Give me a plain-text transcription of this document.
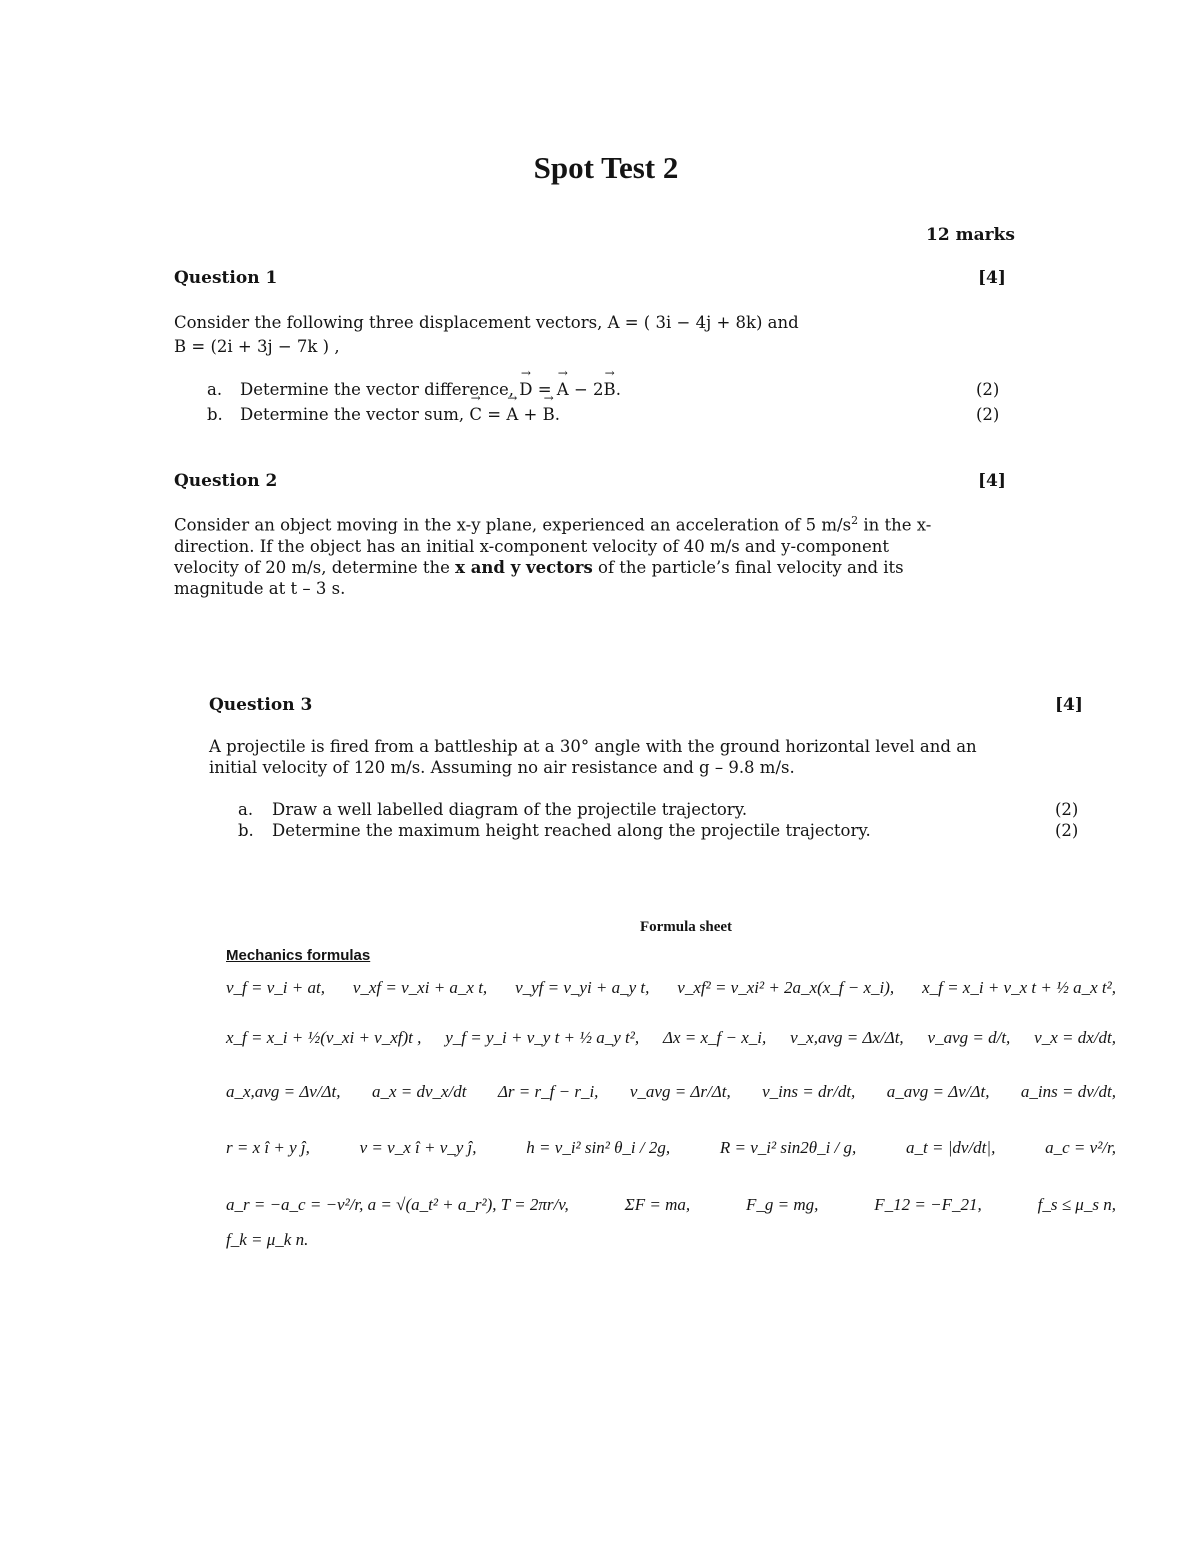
Spot Test 2
12 marks
Question 1	[4]
Consider the following three displacement vectors, A = ( 3i − 4j + 8k) and
B = (2i + 3j − 7k ) ,
a. Determine the vector difference, → D = → A − 2→ B.	(2)
b. Determine the vector sum, → C = → A + → B.	(2)
Question 2	[4]
Consider an object moving in the x-y plane, experienced an acceleration of 5 $m/s^2$ in the x-
direction. If the object has an initial x-component velocity of 40 m/s and y-component
velocity of 20 m/s, determine the x and y vectors of the particle’s final velocity and its
magnitude at t – 3 s.
Question 3	[4]
A projectile is fired from a battleship at a 30° angle with the ground horizontal level and an
initial velocity of 120 m/s. Assuming no air resistance and g – 9.8 m/s.
a. Draw a well labelled diagram of the projectile trajectory.	(2)
b. Determine the maximum height reached along the projectile trajectory.	(2)
Formula sheet
Mechanics formulas
v_f = v_i + at, v_xf = v_xi + a_x t, v_yf = v_yi + a_y t, v_xf² = v_xi² + 2a_x(x_f − x_i), x_f = x_i + v_x t + ½ a_x t²,
x_f = x_i + ½(v_xi + v_xf)t , y_f = y_i + v_y t + ½ a_y t², Δx = x_f − x_i, v_x,avg = Δx/Δt, v_avg = d/t, v_x = dx/dt,
a_x,avg = Δv/Δt, a_x = dv_x/dt Δr = r_f − r_i, v_avg = Δr/Δt, v_ins = dr/dt, a_avg = Δv/Δt, a_ins = dv/dt,
r = x î + y ĵ,	v = v_x î + v_y ĵ,	h = v_i² sin² θ_i / 2g,	R = v_i² sin2θ_i / g,	a_t = |dv/dt|,	a_c = v²/r,
a_r = −a_c = −v²/r, a = √(a_t² + a_r²), T = 2πr/v,	ΣF = ma,	F_g = mg,	F_12 = −F_21,	f_s ≤ μ_s n,
f_k = μ_k n.
